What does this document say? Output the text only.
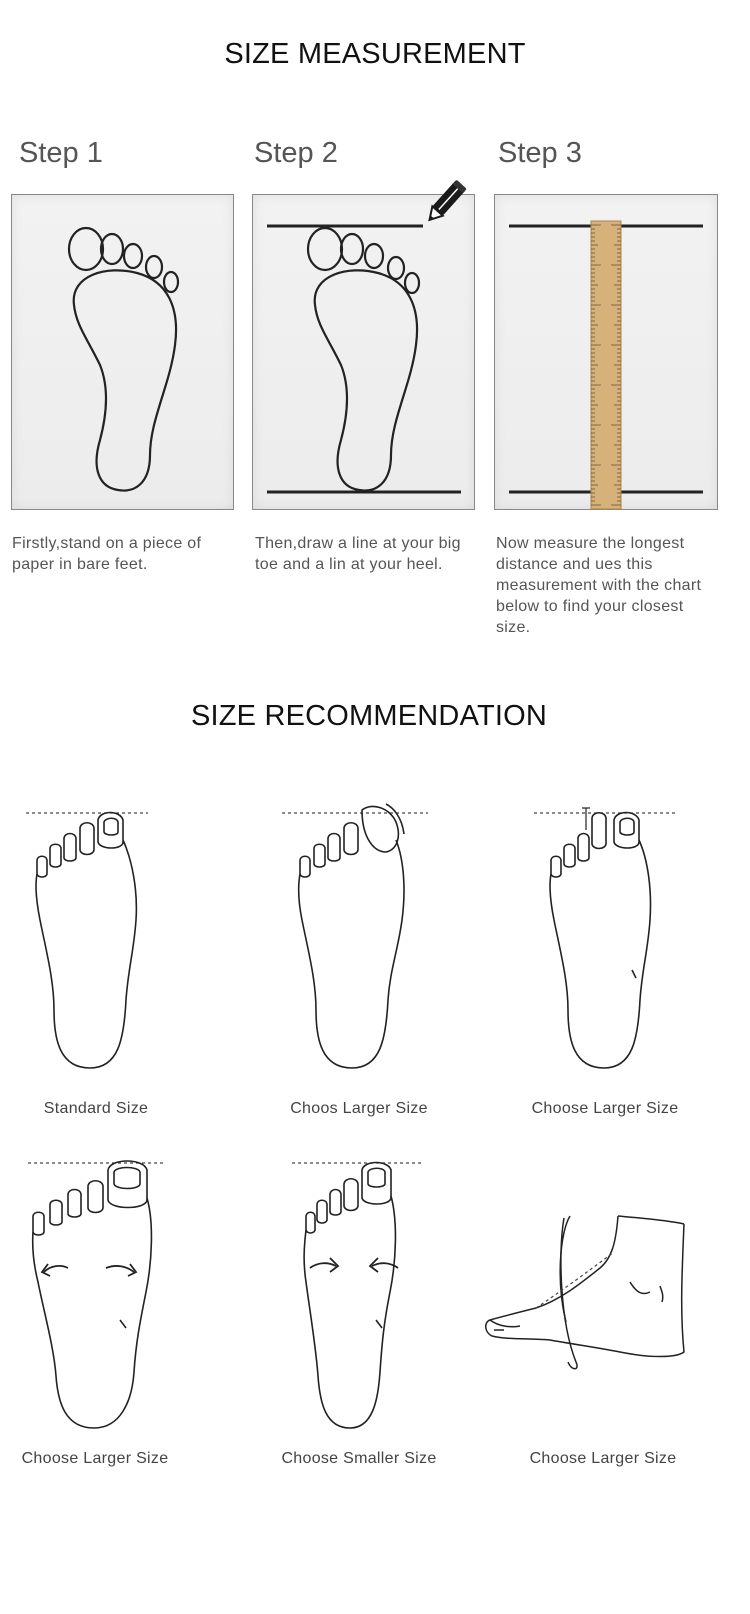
SIZE MEASUREMENT
Step 1	Step 2	Step 3
Firstly,stand on a piece of paper in bare feet.
Then,draw a line at your big toe and a lin at your heel.
Now measure the longest distance and ues this measurement with the chart below to find your closest size.
SIZE RECOMMENDATION
Standard Size	Choos Larger Size	Choose Larger Size
Choose Larger Size	Choose Smaller Size	Choose Larger Size
